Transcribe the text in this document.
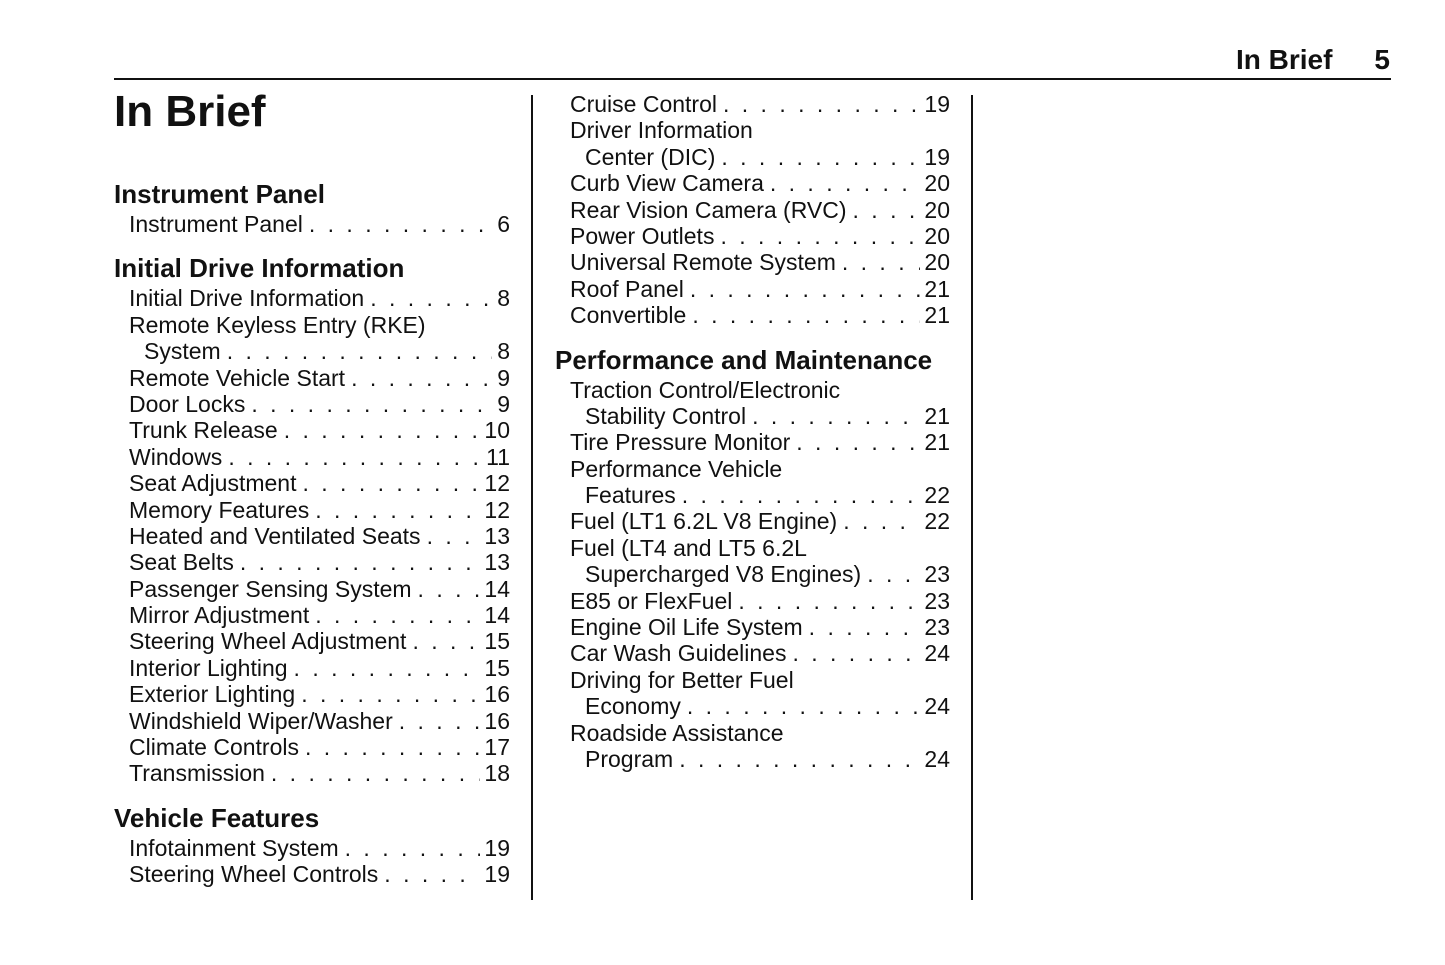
In Brief 5
In Brief
Instrument Panel
Instrument Panel . . .	6
Initial Drive Information
Initial Drive Information . . .	8
Remote Keyless Entry (RKE)
System . . .	8
Remote Vehicle Start . . .	9
Door Locks . . .	9
Trunk Release . . .	10
Windows . . .	11
Seat Adjustment . . .	12
Memory Features . . .	12
Heated and Ventilated Seats . . .	13
Seat Belts . . .	13
Passenger Sensing System . . .	14
Mirror Adjustment . . .	14
Steering Wheel Adjustment . . .	15
Interior Lighting . . .	15
Exterior Lighting . . .	16
Windshield Wiper/Washer . . .	16
Climate Controls . . .	17
Transmission . . .	18
Vehicle Features
Infotainment System . . .	19
Steering Wheel Controls . . .	19
Cruise Control . . .	19
Driver Information
Center (DIC) . . .	19
Curb View Camera . . .	20
Rear Vision Camera (RVC) . . .	20
Power Outlets . . .	20
Universal Remote System . . .	20
Roof Panel . . .	21
Convertible . . .	21
Performance and Maintenance
Traction Control/Electronic
Stability Control . . .	21
Tire Pressure Monitor . . .	21
Performance Vehicle
Features . . .	22
Fuel (LT1 6.2L V8 Engine) . . .	22
Fuel (LT4 and LT5 6.2L
Supercharged V8 Engines) . . .	23
E85 or FlexFuel . . .	23
Engine Oil Life System . . .	23
Car Wash Guidelines . . .	24
Driving for Better Fuel
Economy . . .	24
Roadside Assistance
Program . . .	24
